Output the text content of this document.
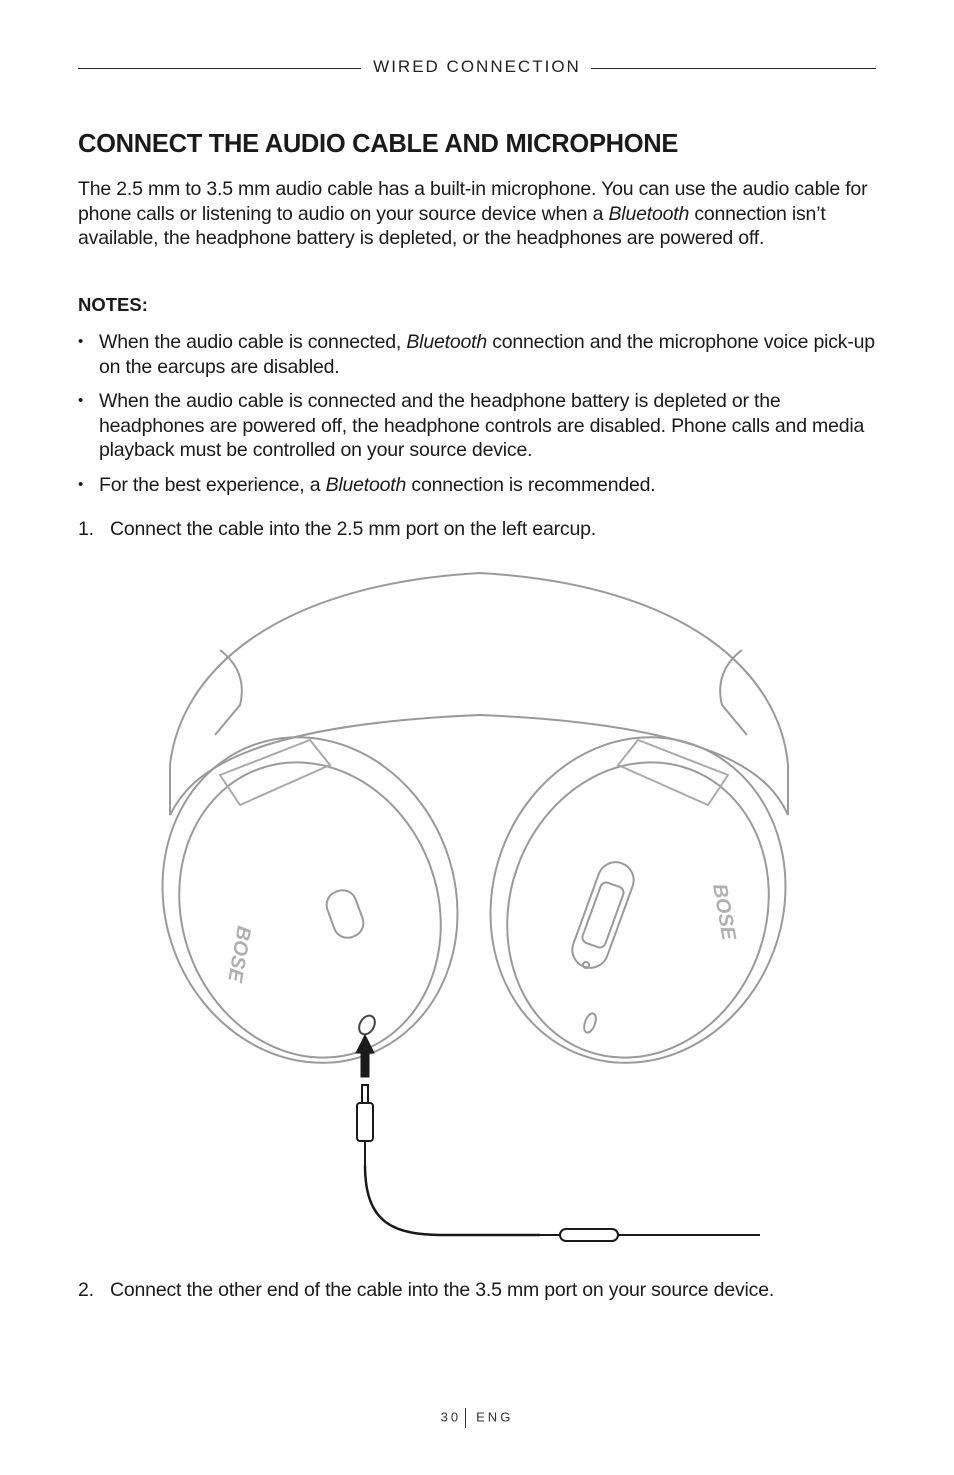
WIRED CONNECTION
CONNECT THE AUDIO CABLE AND MICROPHONE

The 2.5 mm to 3.5 mm audio cable has a built-in microphone. You can use the audio cable for phone calls or listening to audio on your source device when a Bluetooth connection isn’t available, the headphone battery is depleted, or the headphones are powered off.

NOTES:
• When the audio cable is connected, Bluetooth connection and the microphone voice pick-up on the earcups are disabled.
• When the audio cable is connected and the headphone battery is depleted or the headphones are powered off, the headphone controls are disabled. Phone calls and media playback must be controlled on your source device.
• For the best experience, a Bluetooth connection is recommended.

1. Connect the cable into the 2.5 mm port on the left earcup.

BOSE
BOSE

2. Connect the other end of the cable into the 3.5 mm port on your source device.

30 ENG
